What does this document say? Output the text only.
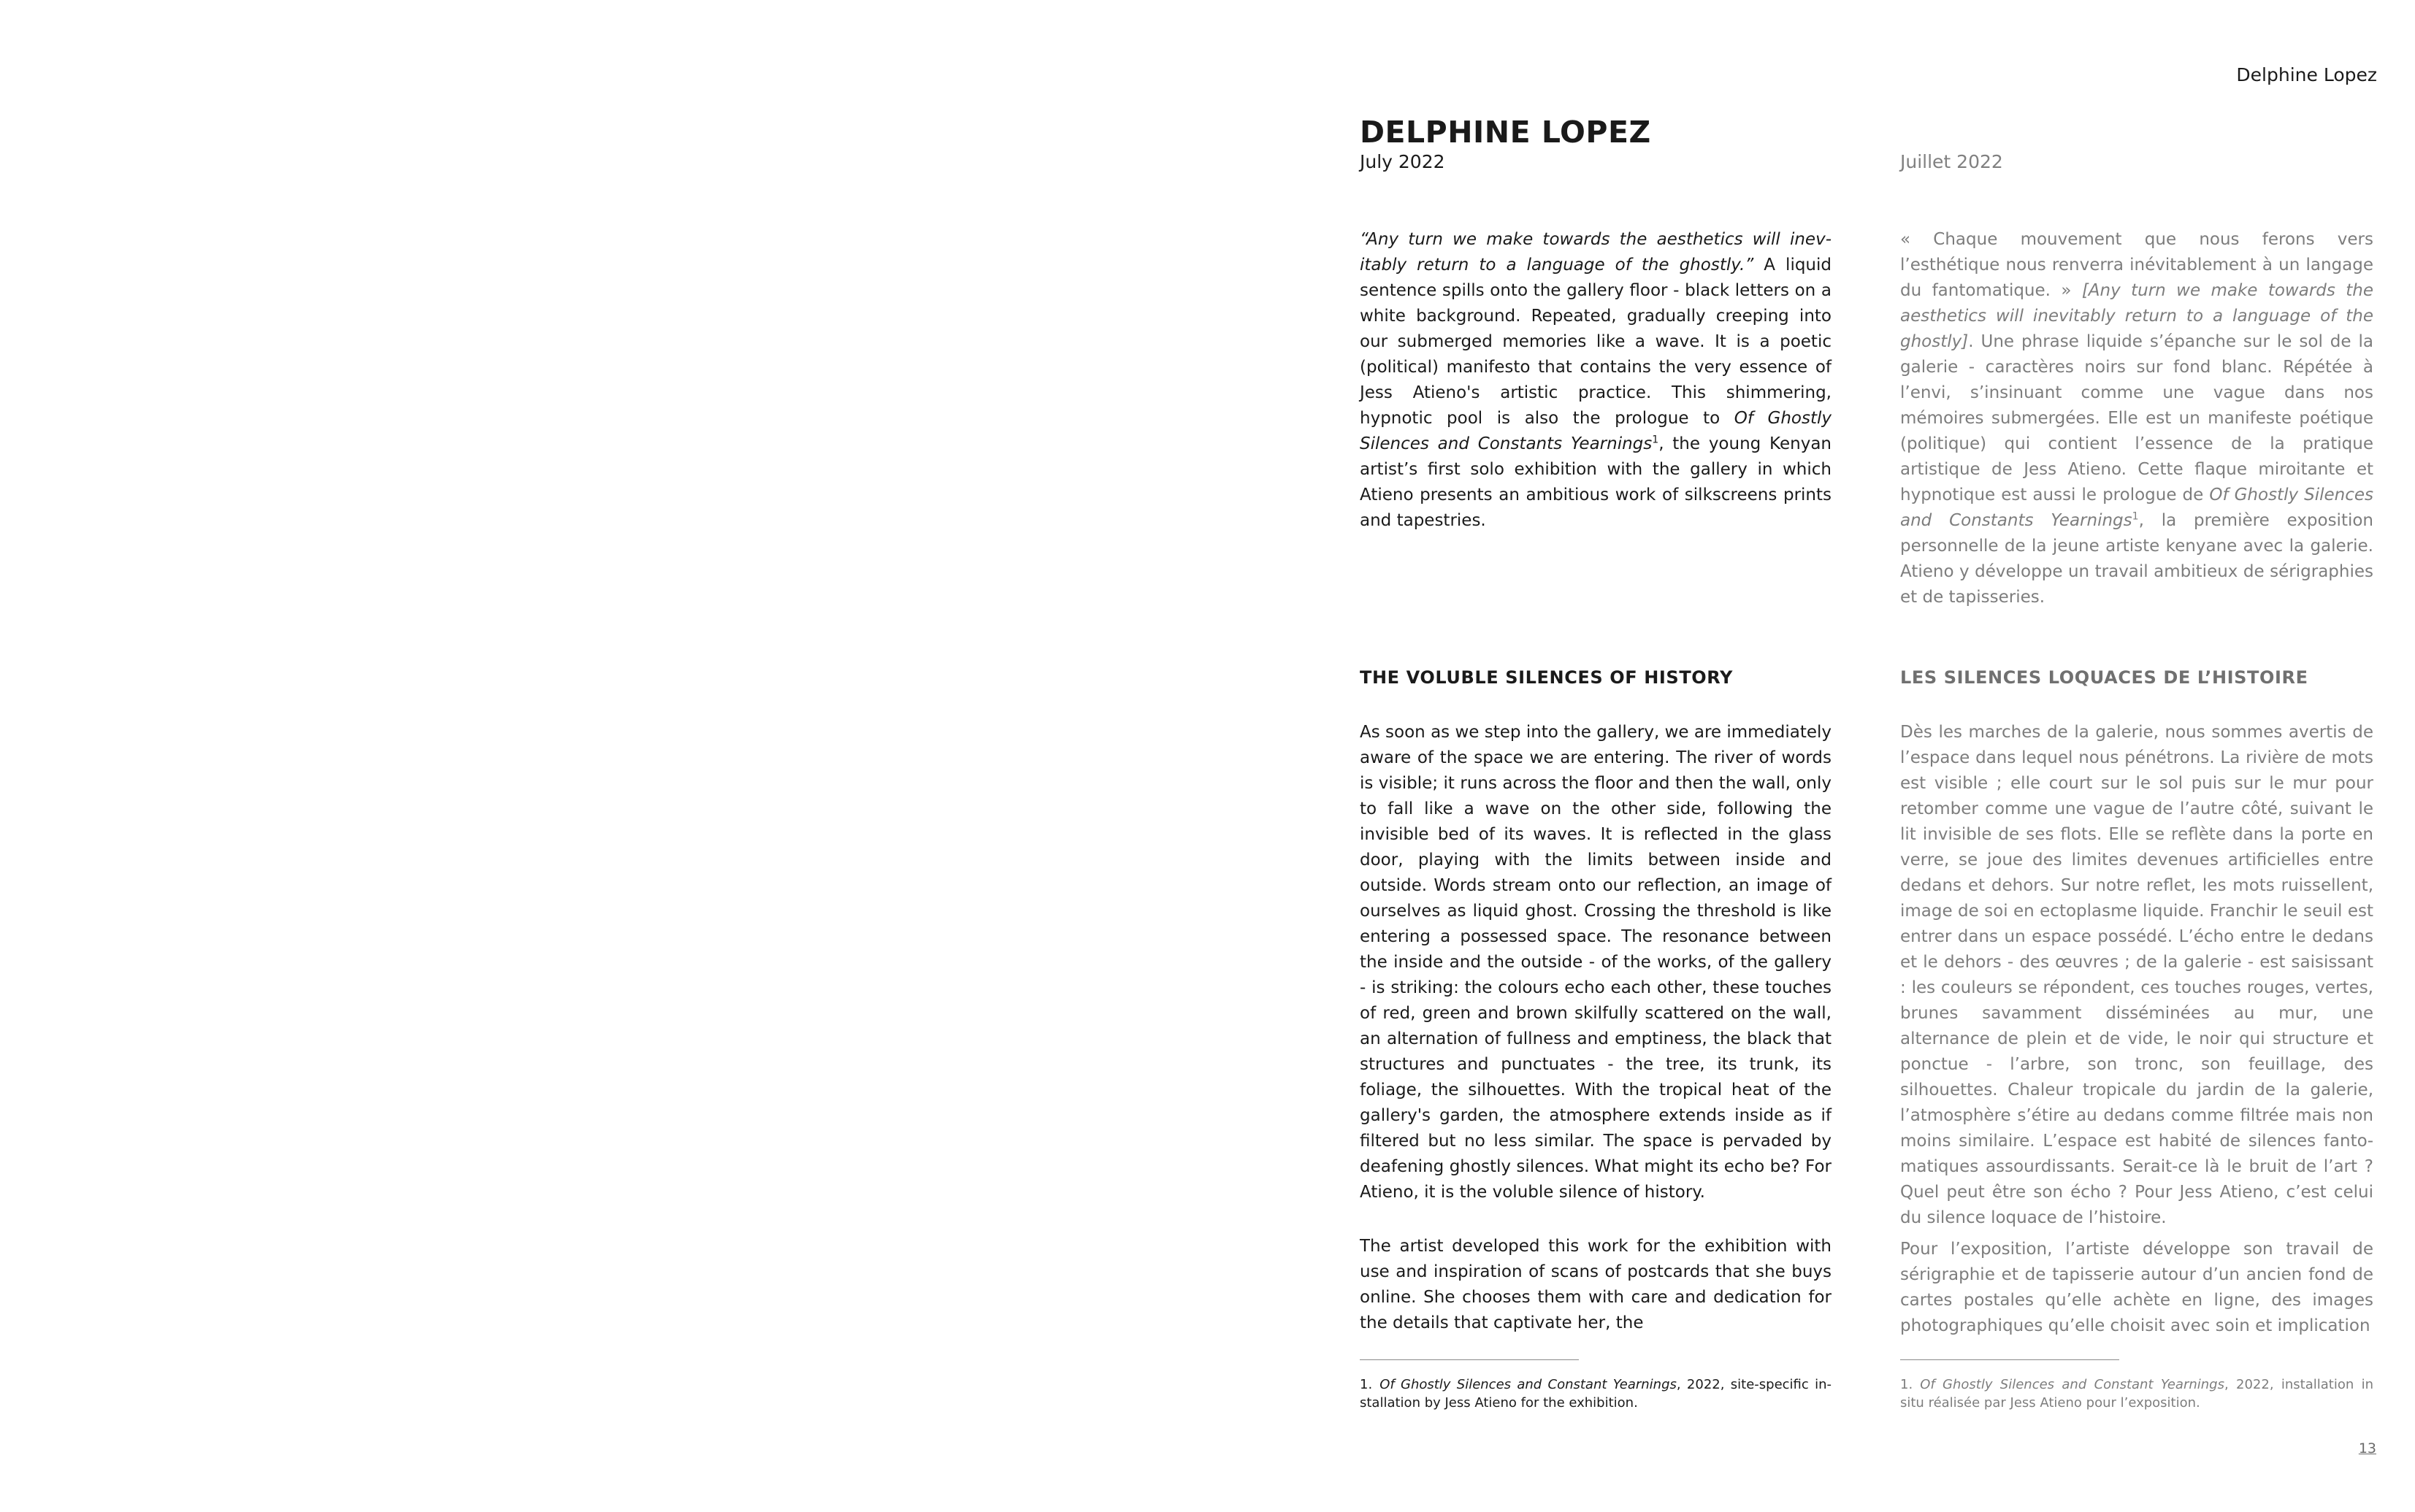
Delphine Lopez
DELPHINE LOPEZ
July 2022	Juillet 2022

“Any turn we make towards the aesthetics will inevitably return to a language of the ghostly.” A liquid sentence spills onto the gallery floor - black letters on a white background. Repeated, gradually creeping into our submerged memories like a wave. It is a poetic (political) manifesto that contains the very essence of Jess Atieno's artistic practice. This shimmering, hypnotic pool is also the prologue to Of Ghostly Silences and Constants Yearnings$^1$, the young Kenyan artist’s first solo exhibition with the gallery in which Atieno presents an ambitious work of silkscreens prints and tapestries.

« Chaque mouvement que nous ferons vers l’esthétique nous renverra inévitablement à un langage du fantomatique. » [Any turn we make towards the aesthetics will inevitably return to a language of the ghostly]. Une phrase liquide s’épanche sur le sol de la galerie - caractères noirs sur fond blanc. Répétée à l’envi, s’insinuant comme une vague dans nos mémoires submergées. Elle est un manifeste poétique (politique) qui contient l’essence de la pratique artistique de Jess Atieno. Cette flaque miroitante et hypnotique est aussi le prologue de Of Ghostly Silences and Constants Yearnings$^1$, la première exposition personnelle de la jeune artiste kenyane avec la galerie. Atieno y développe un travail ambitieux de sérigraphies et de tapisseries.

THE VOLUBLE SILENCES OF HISTORY	LES SILENCES LOQUACES DE L’HISTOIRE

As soon as we step into the gallery, we are immediately aware of the space we are entering. The river of words is visible; it runs across the floor and then the wall, only to fall like a wave on the other side, following the invisible bed of its waves. It is reflected in the glass door, playing with the limits between inside and outside. Words stream onto our reflection, an image of ourselves as liquid ghost. Crossing the threshold is like entering a possessed space. The resonance between the inside and the outside - of the works, of the gallery - is striking: the colours echo each other, these touches of red, green and brown skilfully scattered on the wall, an alternation of fullness and emptiness, the black that structures and punctuates - the tree, its trunk, its foliage, the silhouettes. With the tropical heat of the gallery's garden, the atmosphere extends inside as if filtered but no less similar. The space is pervaded by deafening ghostly silences. What might its echo be? For Atieno, it is the voluble silence of history.

The artist developed this work for the exhibition with use and inspiration of scans of postcards that she buys online. She chooses them with care and dedication for the details that captivate her, the

Dès les marches de la galerie, nous sommes avertis de l’espace dans lequel nous pénétrons. La rivière de mots est visible ; elle court sur le sol puis sur le mur pour retomber comme une vague de l’autre côté, suivant le lit invisible de ses flots. Elle se reflète dans la porte en verre, se joue des limites devenues artificielles entre dedans et dehors. Sur notre reflet, les mots ruissellent, image de soi en ectoplasme liquide. Franchir le seuil est entrer dans un espace possédé. L’écho entre le dedans et le dehors - des œuvres ; de la galerie - est saisissant : les couleurs se répondent, ces touches rouges, vertes, brunes savamment disséminées au mur, une alternance de plein et de vide, le noir qui structure et ponctue - l’arbre, son tronc, son feuillage, des silhouettes. Chaleur tropicale du jardin de la galerie, l’atmosphère s’étire au dedans comme filtrée mais non moins similaire. L’espace est habité de silences fantomatiques assourdissants. Serait-ce là le bruit de l’art ? Quel peut être son écho ? Pour Jess Atieno, c’est celui du silence loquace de l’histoire.

Pour l’exposition, l’artiste développe son travail de sérigraphie et de tapisserie autour d’un ancien fond de cartes postales qu’elle achète en ligne, des images photographiques qu’elle choisit avec soin et implication

1. Of Ghostly Silences and Constant Yearnings, 2022, site-specific installation by Jess Atieno for the exhibition.

1. Of Ghostly Silences and Constant Yearnings, 2022, installation in situ réalisée par Jess Atieno pour l’exposition.

13
